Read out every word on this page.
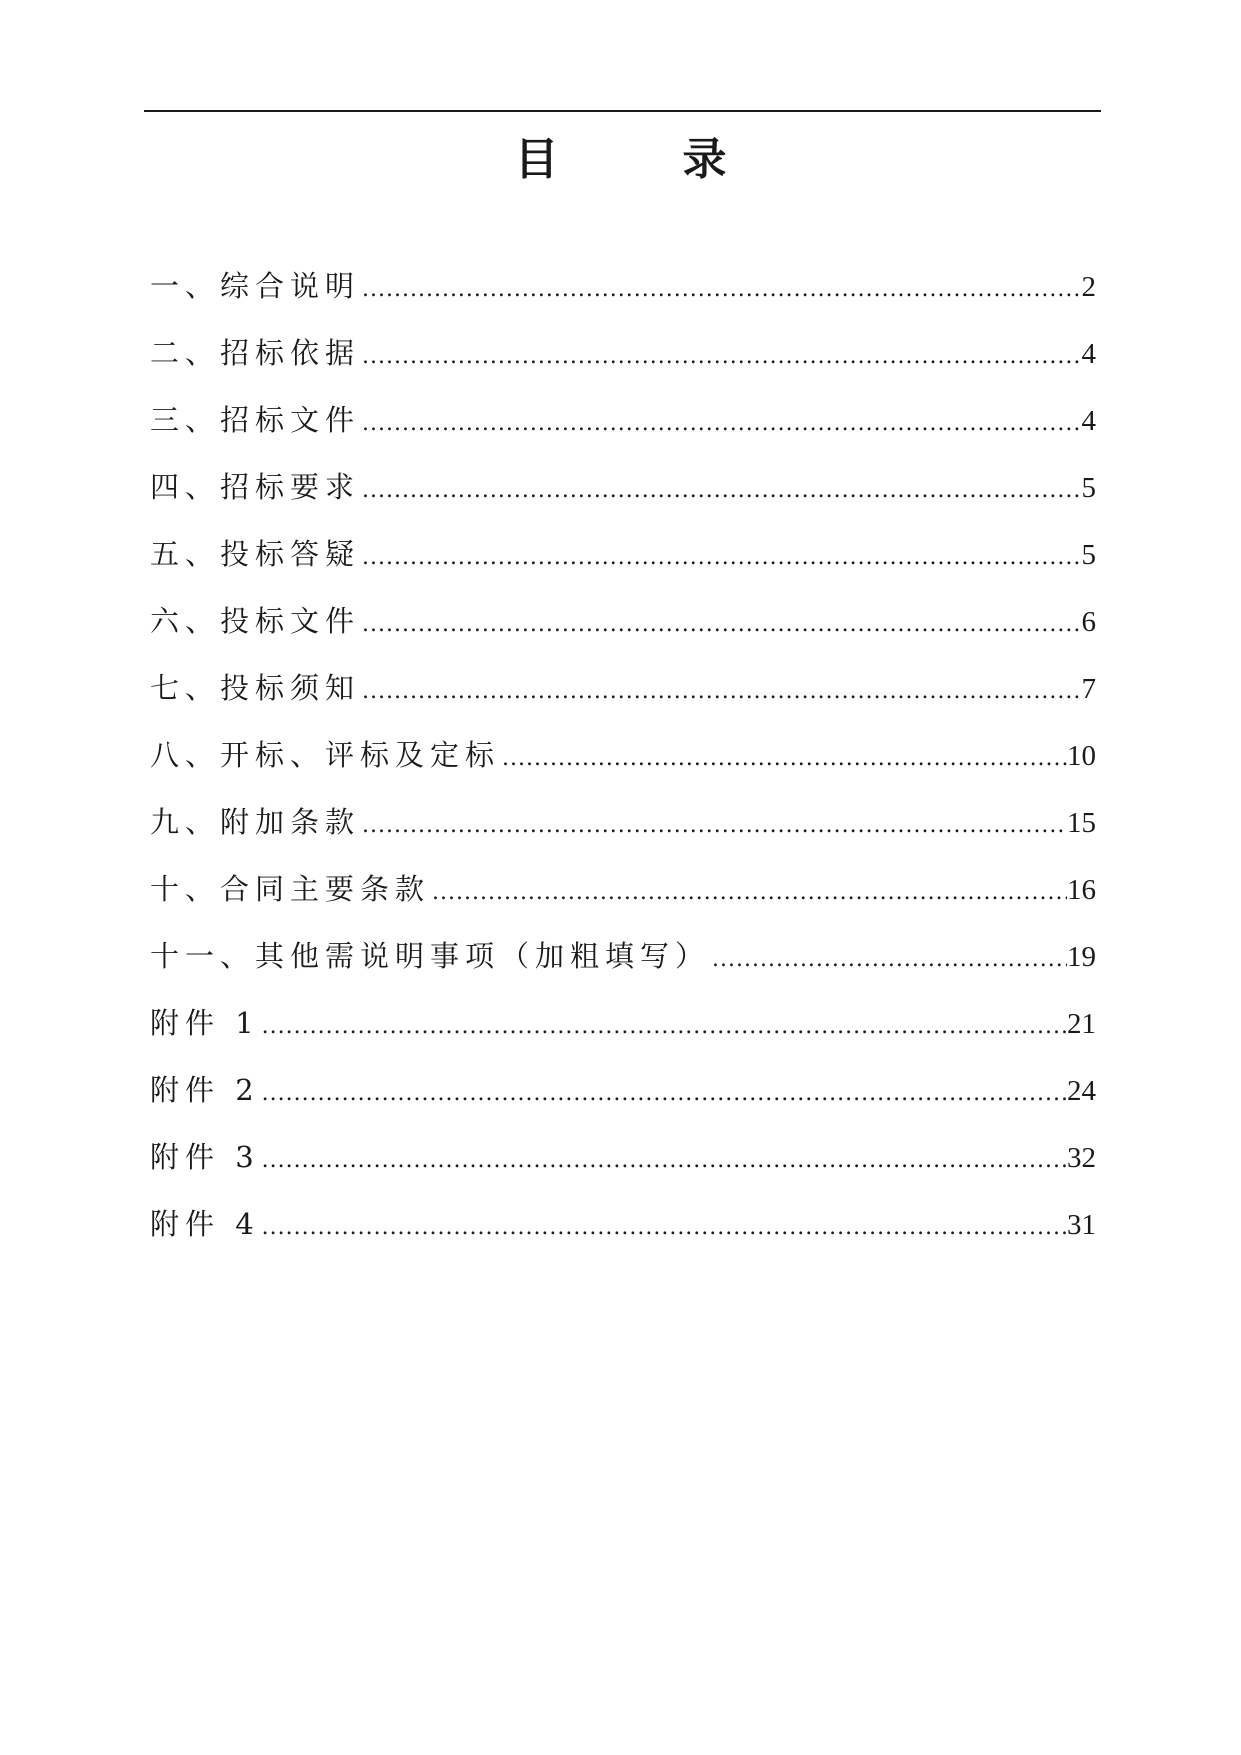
目　录
一、综合说明 .....	2
二、招标依据 .....	4
三、招标文件 .....	4
四、招标要求 .....	5
五、投标答疑 .....	5
六、投标文件 .....	6
七、投标须知 .....	7
八、开标、评标及定标 .....	10
九、附加条款 .....	15
十、合同主要条款 .....	16
十一、其他需说明事项（加粗填写） .....	19
附件 1 .....	21
附件 2 .....	24
附件 3 .....	32
附件 4 .....	31
